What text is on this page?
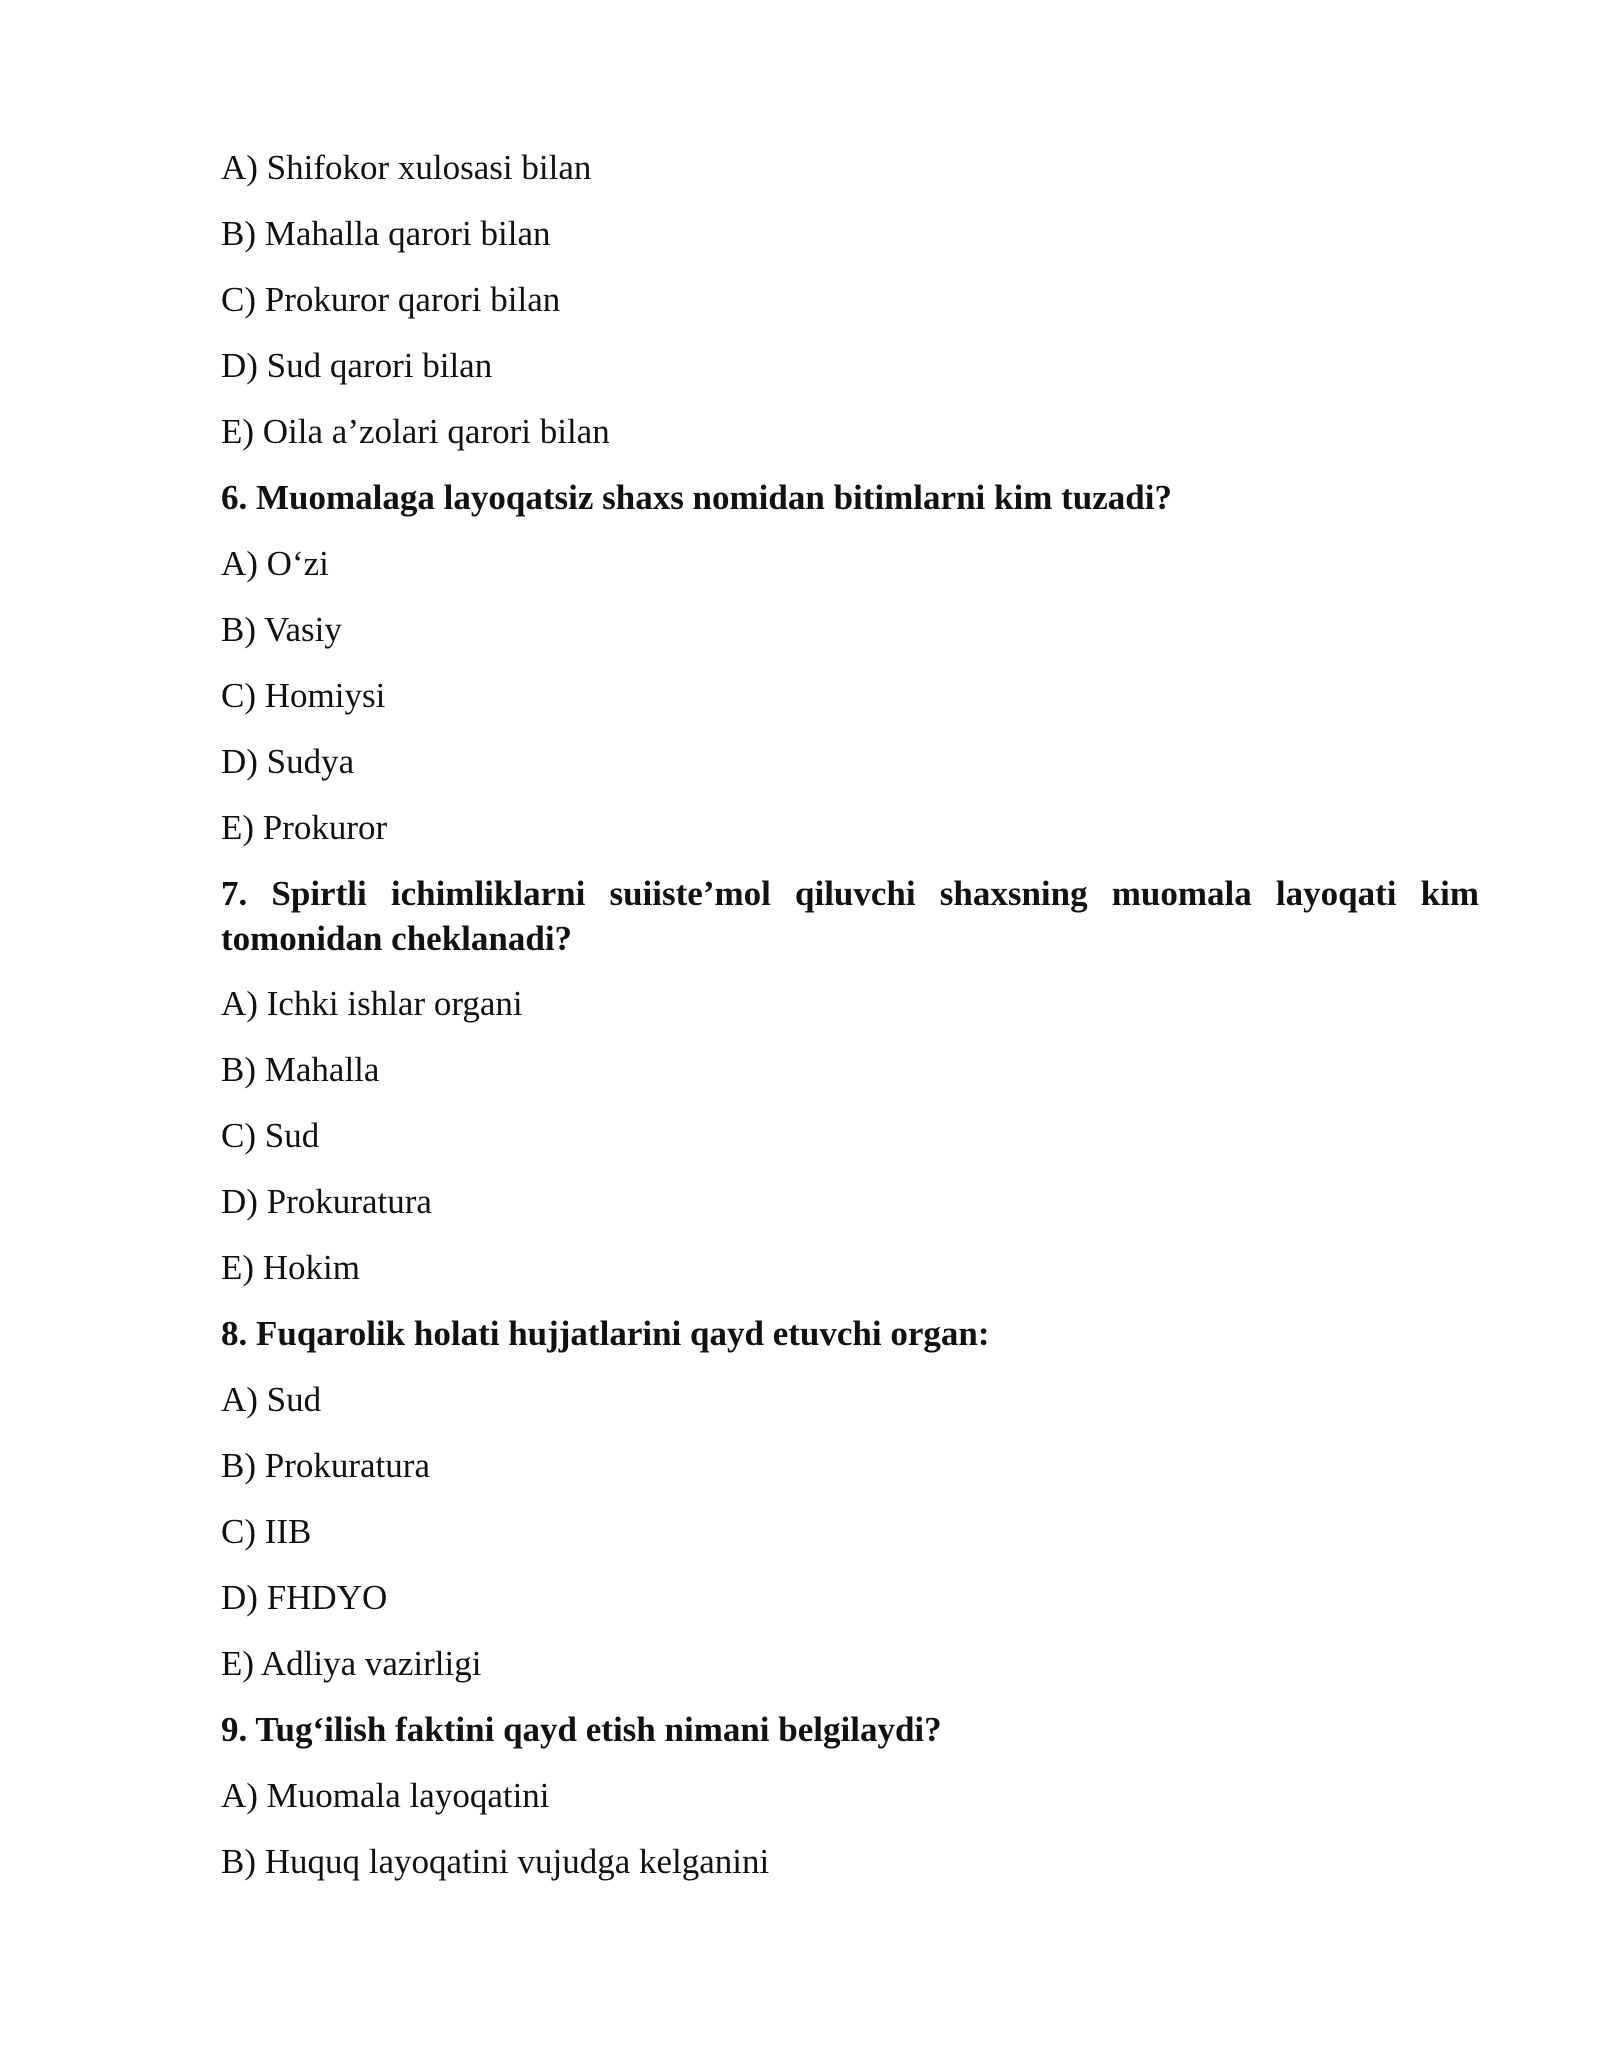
A) Shifokor xulosasi bilan
B) Mahalla qarori bilan
C) Prokuror qarori bilan
D) Sud qarori bilan
E) Oila a’zolari qarori bilan
6. Muomalaga layoqatsiz shaxs nomidan bitimlarni kim tuzadi?
A) O‘zi
B) Vasiy
C) Homiysi
D) Sudya
E) Prokuror
7. Spirtli ichimliklarni suiiste’mol qiluvchi shaxsning muomala layoqati kim tomonidan cheklanadi?
A) Ichki ishlar organi
B) Mahalla
C) Sud
D) Prokuratura
E) Hokim
8. Fuqarolik holati hujjatlarini qayd etuvchi organ:
A) Sud
B) Prokuratura
C) IIB
D) FHDYO
E) Adliya vazirligi
9. Tug‘ilish faktini qayd etish nimani belgilaydi?
A) Muomala layoqatini
B) Huquq layoqatini vujudga kelganini
